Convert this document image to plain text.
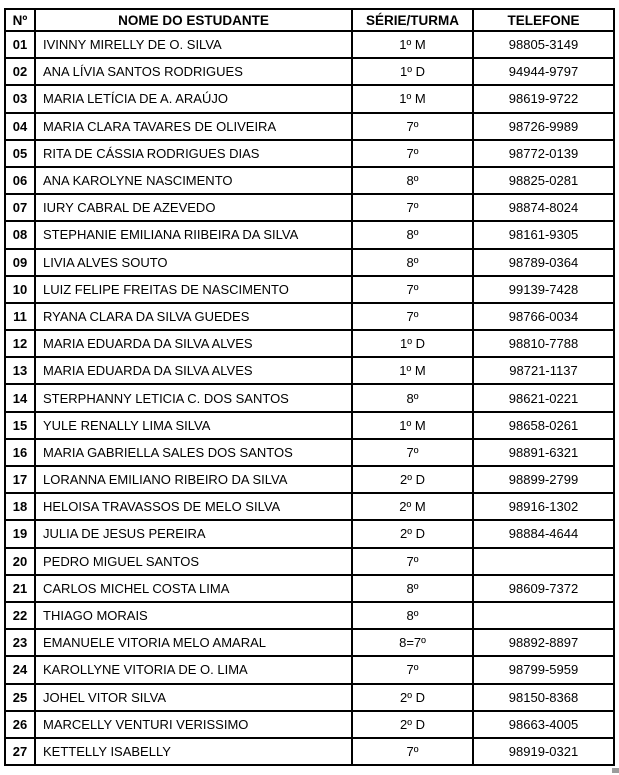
Nº	NOME DO ESTUDANTE	SÉRIE/TURMA	TELEFONE
01	IVINNY MIRELLY DE O. SILVA	1º M	98805-3149
02	ANA LÍVIA SANTOS RODRIGUES	1º D	94944-9797
03	MARIA LETÍCIA DE A. ARAÚJO	1º M	98619-9722
04	MARIA CLARA TAVARES DE OLIVEIRA	7º	98726-9989
05	RITA DE CÁSSIA RODRIGUES DIAS	7º	98772-0139
06	ANA KAROLYNE NASCIMENTO	8º	98825-0281
07	IURY CABRAL DE AZEVEDO	7º	98874-8024
08	STEPHANIE EMILIANA RIIBEIRA DA SILVA	8º	98161-9305
09	LIVIA ALVES SOUTO	8º	98789-0364
10	LUIZ FELIPE FREITAS DE NASCIMENTO	7º	99139-7428
11	RYANA CLARA DA SILVA GUEDES	7º	98766-0034
12	MARIA EDUARDA DA SILVA ALVES	1º D	98810-7788
13	MARIA EDUARDA DA SILVA ALVES	1º M	98721-1137
14	STERPHANNY LETICIA C. DOS SANTOS	8º	98621-0221
15	YULE RENALLY LIMA SILVA	1º M	98658-0261
16	MARIA GABRIELLA SALES DOS SANTOS	7º	98891-6321
17	LORANNA EMILIANO RIBEIRO DA SILVA	2º D	98899-2799
18	HELOISA TRAVASSOS DE MELO SILVA	2º M	98916-1302
19	JULIA DE JESUS PEREIRA	2º D	98884-4644
20	PEDRO MIGUEL SANTOS	7º	
21	CARLOS MICHEL COSTA LIMA	8º	98609-7372
22	THIAGO MORAIS	8º	
23	EMANUELE VITORIA MELO AMARAL	8=7º	98892-8897
24	KAROLLYNE VITORIA DE O. LIMA	7º	98799-5959
25	JOHEL VITOR SILVA	2º D	98150-8368
26	MARCELLY VENTURI VERISSIMO	2º D	98663-4005
27	KETTELLY ISABELLY	7º	98919-0321
